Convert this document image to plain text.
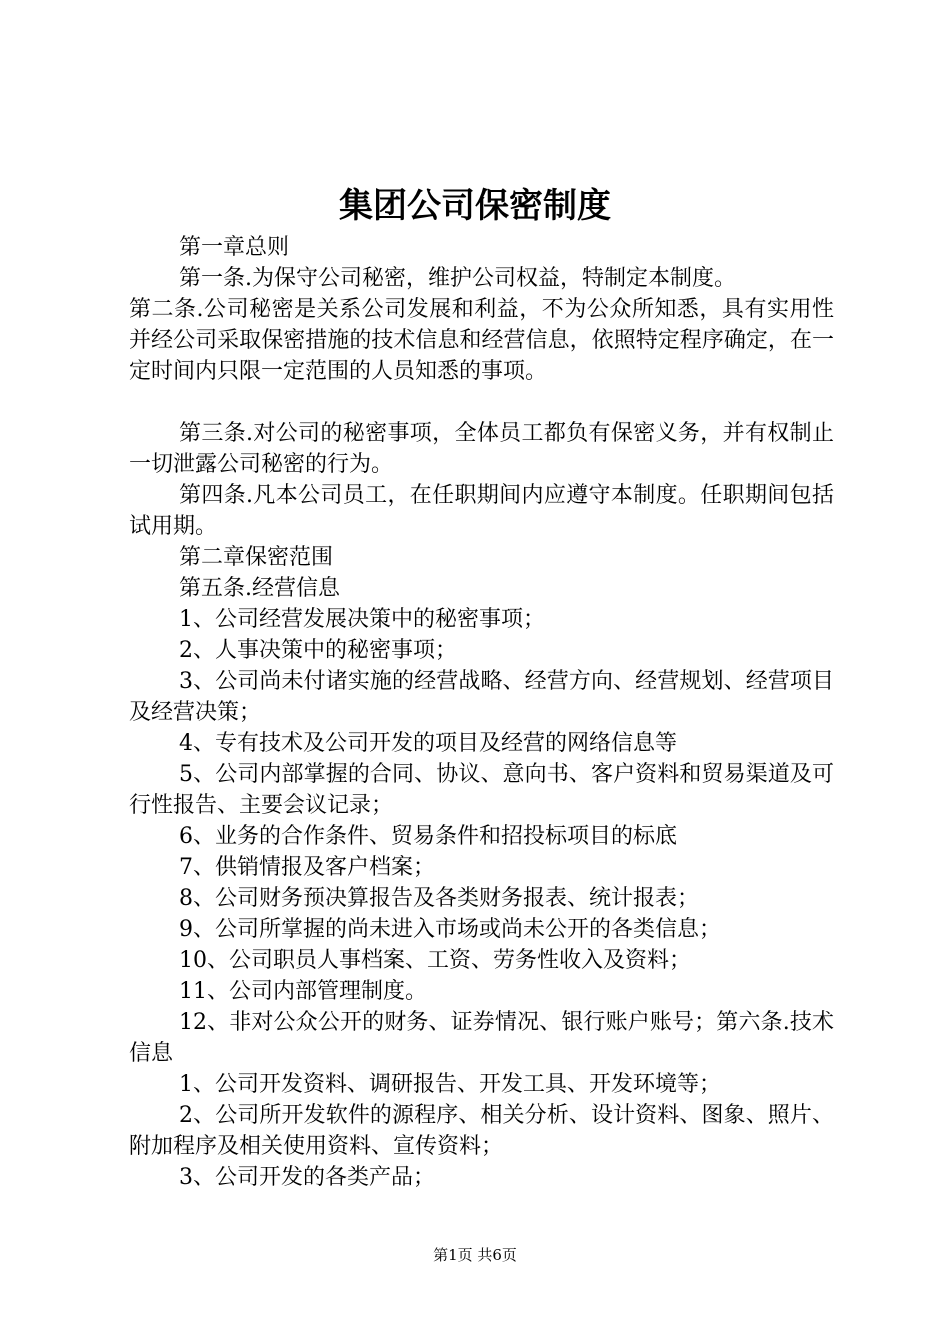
集团公司保密制度

第一章总则

第一条.为保守公司秘密，维护公司权益，特制定本制度。

第二条.公司秘密是关系公司发展和利益，不为公众所知悉，具有实用性并经公司采取保密措施的技术信息和经营信息，依照特定程序确定，在一定时间内只限一定范围的人员知悉的事项。

第三条.对公司的秘密事项，全体员工都负有保密义务，并有权制止一切泄露公司秘密的行为。

第四条.凡本公司员工，在任职期间内应遵守本制度。任职期间包括试用期。

第二章保密范围

第五条.经营信息

1、公司经营发展决策中的秘密事项；

2、人事决策中的秘密事项；

3、公司尚未付诸实施的经营战略、经营方向、经营规划、经营项目及经营决策；

4、专有技术及公司开发的项目及经营的网络信息等

5、公司内部掌握的合同、协议、意向书、客户资料和贸易渠道及可行性报告、主要会议记录；

6、业务的合作条件、贸易条件和招投标项目的标底

7、供销情报及客户档案；

8、公司财务预决算报告及各类财务报表、统计报表；

9、公司所掌握的尚未进入市场或尚未公开的各类信息；

10、公司职员人事档案、工资、劳务性收入及资料；

11、公司内部管理制度。

12、非对公众公开的财务、证券情况、银行账户账号；第六条.技术信息

1、公司开发资料、调研报告、开发工具、开发环境等；

2、公司所开发软件的源程序、相关分析、设计资料、图象、照片、附加程序及相关使用资料、宣传资料；

3、公司开发的各类产品；

第1页 共6页
